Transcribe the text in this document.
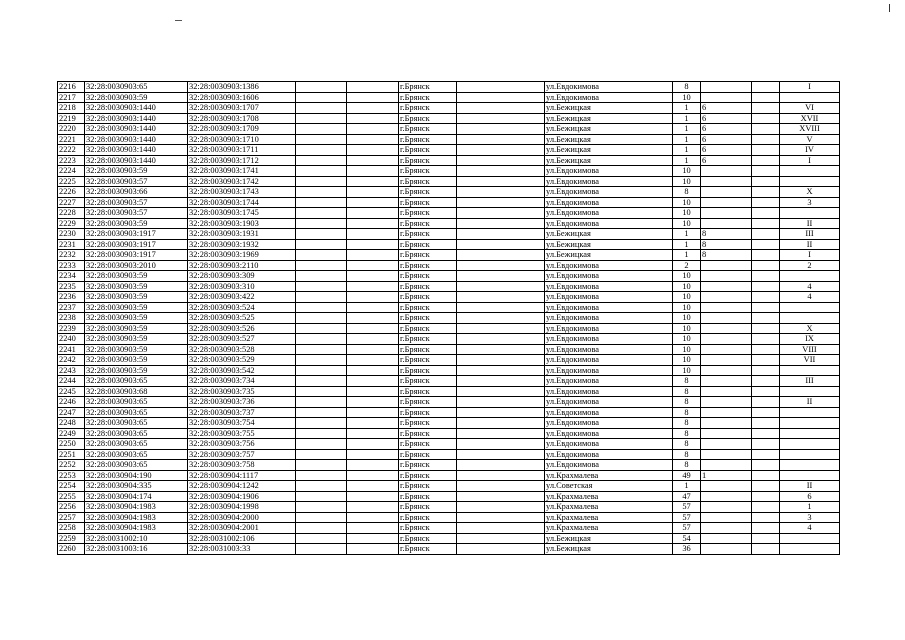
2216	32:28:0030903:65	32:28:0030903:1386			г.Брянск		ул.Евдокимова	8			I
2217	32:28:0030903:59	32:28:0030903:1606			г.Брянск		ул.Евдокимова	10			
2218	32:28:0030903:1440	32:28:0030903:1707			г.Брянск		ул.Бежицкая	1	6		VI
2219	32:28:0030903:1440	32:28:0030903:1708			г.Брянск		ул.Бежицкая	1	6		XVII
2220	32:28:0030903:1440	32:28:0030903:1709			г.Брянск		ул.Бежицкая	1	6		XVIII
2221	32:28:0030903:1440	32:28:0030903:1710			г.Брянск		ул.Бежицкая	1	6		V
2222	32:28:0030903:1440	32:28:0030903:1711			г.Брянск		ул.Бежицкая	1	6		IV
2223	32:28:0030903:1440	32:28:0030903:1712			г.Брянск		ул.Бежицкая	1	6		I
2224	32:28:0030903:59	32:28:0030903:1741			г.Брянск		ул.Евдокимова	10			
2225	32:28:0030903:57	32:28:0030903:1742			г.Брянск		ул.Евдокимова	10			
2226	32:28:0030903:66	32:28:0030903:1743			г.Брянск		ул.Евдокимова	8			X
2227	32:28:0030903:57	32:28:0030903:1744			г.Брянск		ул.Евдокимова	10			3
2228	32:28:0030903:57	32:28:0030903:1745			г.Брянск		ул.Евдокимова	10			
2229	32:28:0030903:59	32:28:0030903:1903			г.Брянск		ул.Евдокимова	10			II
2230	32:28:0030903:1917	32:28:0030903:1931			г.Брянск		ул.Бежицкая	1	8		III
2231	32:28:0030903:1917	32:28:0030903:1932			г.Брянск		ул.Бежицкая	1	8		II
2232	32:28:0030903:1917	32:28:0030903:1969			г.Брянск		ул.Бежицкая	1	8		I
2233	32:28:0030903:2010	32:28:0030903:2110			г.Брянск		ул.Евдокимова	2			2
2234	32:28:0030903:59	32:28:0030903:309			г.Брянск		ул.Евдокимова	10			
2235	32:28:0030903:59	32:28:0030903:310			г.Брянск		ул.Евдокимова	10			4
2236	32:28:0030903:59	32:28:0030903:422			г.Брянск		ул.Евдокимова	10			4
2237	32:28:0030903:59	32:28:0030903:524			г.Брянск		ул.Евдокимова	10			
2238	32:28:0030903:59	32:28:0030903:525			г.Брянск		ул.Евдокимова	10			
2239	32:28:0030903:59	32:28:0030903:526			г.Брянск		ул.Евдокимова	10			X
2240	32:28:0030903:59	32:28:0030903:527			г.Брянск		ул.Евдокимова	10			IX
2241	32:28:0030903:59	32:28:0030903:528			г.Брянск		ул.Евдокимова	10			VIII
2242	32:28:0030903:59	32:28:0030903:529			г.Брянск		ул.Евдокимова	10			VII
2243	32:28:0030903:59	32:28:0030903:542			г.Брянск		ул.Евдокимова	10			
2244	32:28:0030903:65	32:28:0030903:734			г.Брянск		ул.Евдокимова	8			III
2245	32:28:0030903:68	32:28:0030903:735			г.Брянск		ул.Евдокимова	8			
2246	32:28:0030903:65	32:28:0030903:736			г.Брянск		ул.Евдокимова	8			II
2247	32:28:0030903:65	32:28:0030903:737			г.Брянск		ул.Евдокимова	8			
2248	32:28:0030903:65	32:28:0030903:754			г.Брянск		ул.Евдокимова	8			
2249	32:28:0030903:65	32:28:0030903:755			г.Брянск		ул.Евдокимова	8			
2250	32:28:0030903:65	32:28:0030903:756			г.Брянск		ул.Евдокимова	8			
2251	32:28:0030903:65	32:28:0030903:757			г.Брянск		ул.Евдокимова	8			
2252	32:28:0030903:65	32:28:0030903:758			г.Брянск		ул.Евдокимова	8			
2253	32:28:0030904:190	32:28:0030904:1117			г.Брянск		ул.Крахмалева	49	1		
2254	32:28:0030904:335	32:28:0030904:1242			г.Брянск		ул.Советская	1			II
2255	32:28:0030904:174	32:28:0030904:1906			г.Брянск		ул.Крахмалева	47			6
2256	32:28:0030904:1983	32:28:0030904:1998			г.Брянск		ул.Крахмалева	57			1
2257	32:28:0030904:1983	32:28:0030904:2000			г.Брянск		ул.Крахмалева	57			3
2258	32:28:0030904:1983	32:28:0030904:2001			г.Брянск		ул.Крахмалева	57			4
2259	32:28:0031002:10	32:28:0031002:106			г.Брянск		ул.Бежицкая	54			
2260	32:28:0031003:16	32:28:0031003:33			г.Брянск		ул.Бежицкая	36			
